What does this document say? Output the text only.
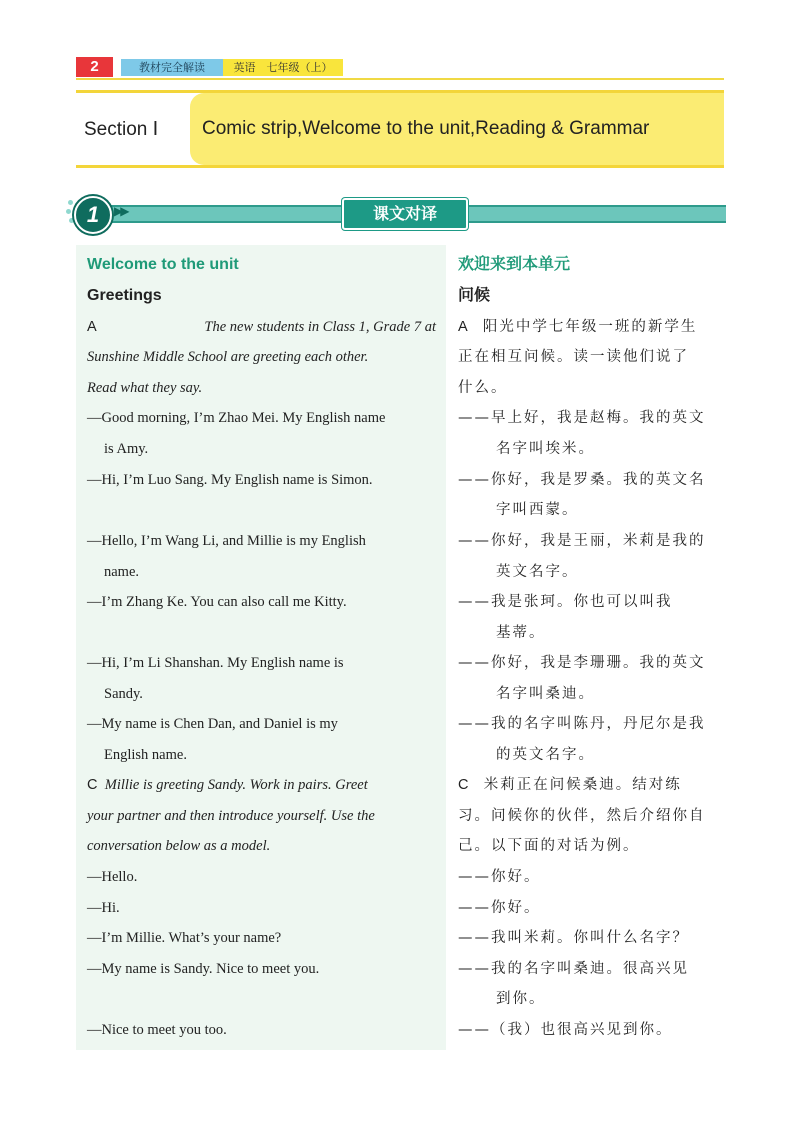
2	教材完全解读	英语　七年级（上）
Section Ⅰ Comic strip,Welcome to the unit,Reading & Grammar
1	▶▶	课文对译
Welcome to the unit
Greetings
A	The new students in Class 1, Grade 7 at
Sunshine Middle School are greeting each other.
Read what they say.
—Good morning, I’m Zhao Mei. My English name
is Amy.
—Hi, I’m Luo Sang. My English name is Simon.
—Hello, I’m Wang Li, and Millie is my English
name.
—I’m Zhang Ke. You can also call me Kitty.
—Hi, I’m Li Shanshan. My English name is
Sandy.
—My name is Chen Dan, and Daniel is my
English name.
C Millie is greeting Sandy. Work in pairs. Greet
your partner and then introduce yourself. Use the
conversation below as a model.
—Hello.
—Hi.
—I’m Millie. What’s your name?
—My name is Sandy. Nice to meet you.
—Nice to meet you too.
欢迎来到本单元
问候
A 阳光中学七年级一班的新学生
正在相互问候。读一读他们说了
什么。
——早上好，我是赵梅。我的英文
名字叫埃米。
——你好，我是罗桑。我的英文名
字叫西蒙。
——你好，我是王丽，米莉是我的
英文名字。
——我是张珂。你也可以叫我
基蒂。
——你好，我是李珊珊。我的英文
名字叫桑迪。
——我的名字叫陈丹，丹尼尔是我
的英文名字。
C 米莉正在问候桑迪。结对练
习。问候你的伙伴，然后介绍你自
己。以下面的对话为例。
——你好。
——你好。
——我叫米莉。你叫什么名字？
——我的名字叫桑迪。很高兴见
到你。
——（我）也很高兴见到你。
